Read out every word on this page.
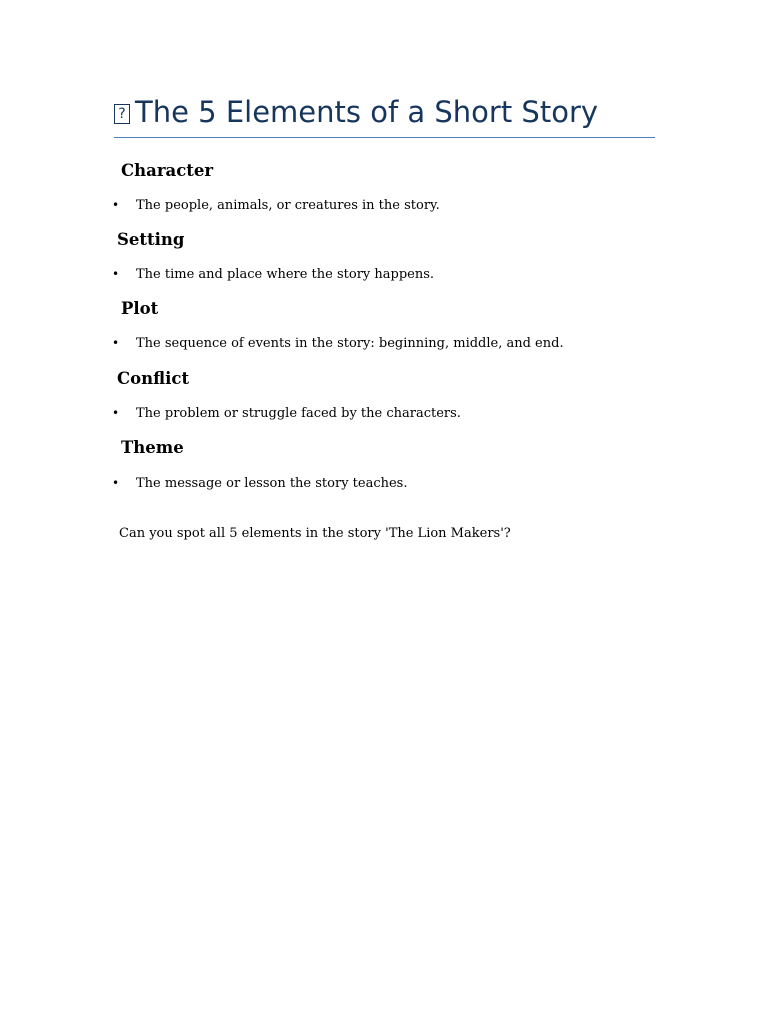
? The 5 Elements of a Short Story
Character
• The people, animals, or creatures in the story.
Setting
• The time and place where the story happens.
Plot
• The sequence of events in the story: beginning, middle, and end.
Conflict
• The problem or struggle faced by the characters.
Theme
• The message or lesson the story teaches.

Can you spot all 5 elements in the story 'The Lion Makers'?
